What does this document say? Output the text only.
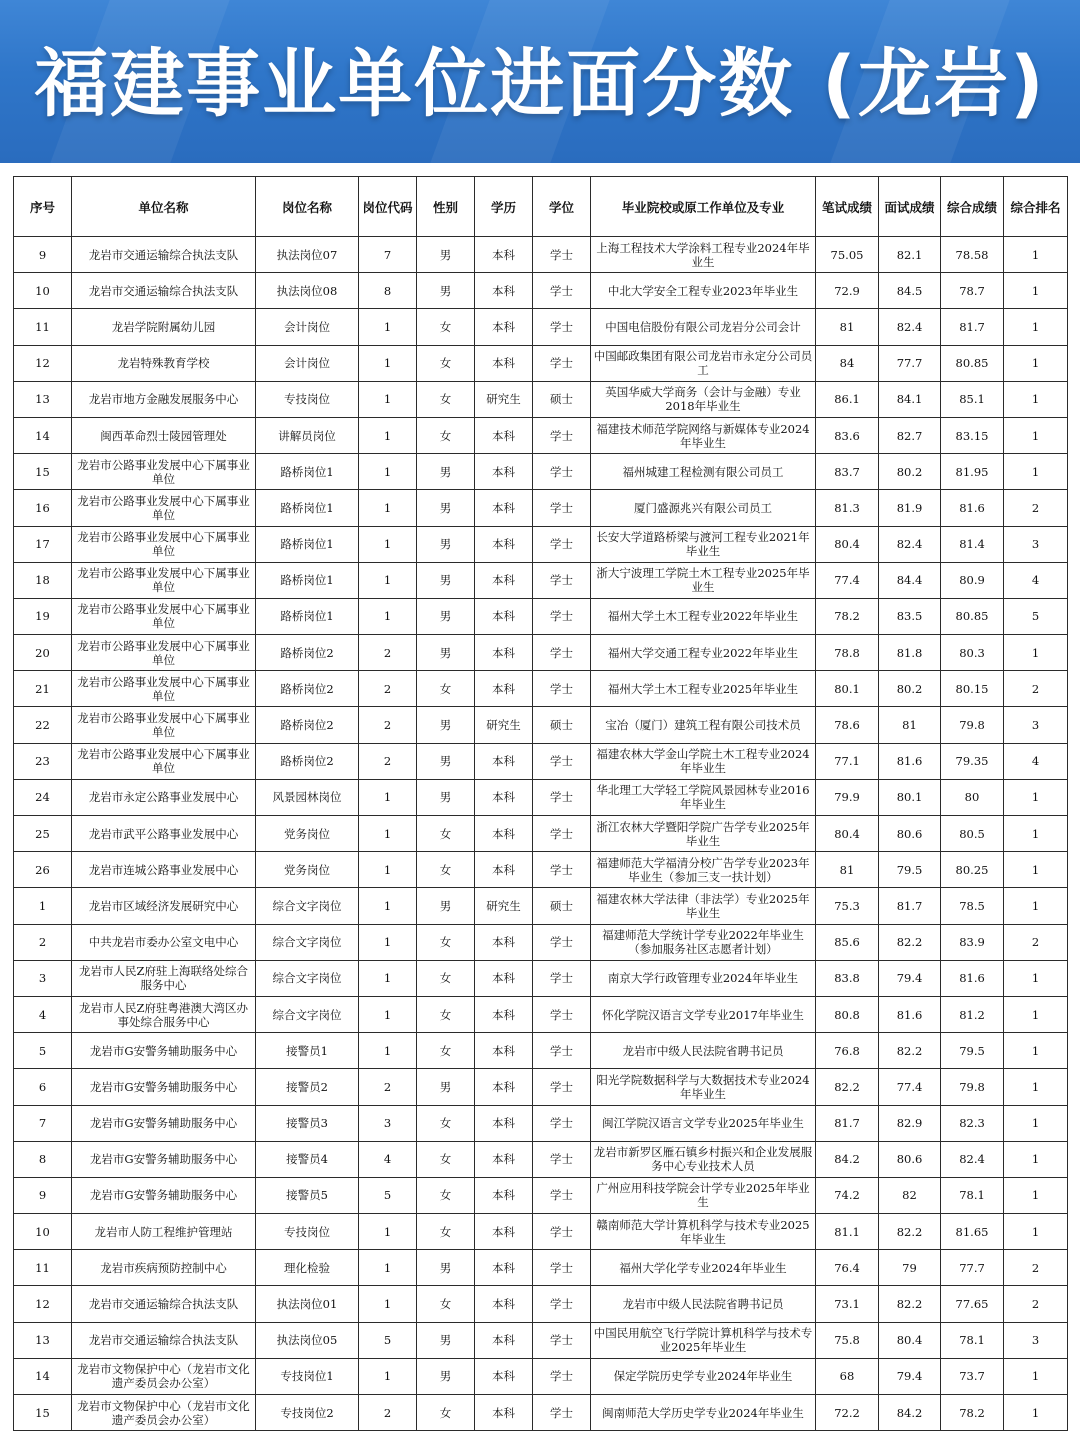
福建事业单位进面分数 (龙岩)
序号	单位名称	岗位名称	岗位代码	性别	学历	学位	毕业院校或原工作单位及专业	笔试成绩	面试成绩	综合成绩	综合排名
9	龙岩市交通运输综合执法支队	执法岗位07	7	男	本科	学士	上海工程技术大学涂料工程专业2024年毕业生	75.05	82.1	78.58	1
10	龙岩市交通运输综合执法支队	执法岗位08	8	男	本科	学士	中北大学安全工程专业2023年毕业生	72.9	84.5	78.7	1
11	龙岩学院附属幼儿园	会计岗位	1	女	本科	学士	中国电信股份有限公司龙岩分公司会计	81	82.4	81.7	1
12	龙岩特殊教育学校	会计岗位	1	女	本科	学士	中国邮政集团有限公司龙岩市永定分公司员工	84	77.7	80.85	1
13	龙岩市地方金融发展服务中心	专技岗位	1	女	研究生	硕士	英国华威大学商务（会计与金融）专业2018年毕业生	86.1	84.1	85.1	1
14	闽西革命烈士陵园管理处	讲解员岗位	1	女	本科	学士	福建技术师范学院网络与新媒体专业2024年毕业生	83.6	82.7	83.15	1
15	龙岩市公路事业发展中心下属事业单位	路桥岗位1	1	男	本科	学士	福州城建工程检测有限公司员工	83.7	80.2	81.95	1
16	龙岩市公路事业发展中心下属事业单位	路桥岗位1	1	男	本科	学士	厦门盛源兆兴有限公司员工	81.3	81.9	81.6	2
17	龙岩市公路事业发展中心下属事业单位	路桥岗位1	1	男	本科	学士	长安大学道路桥梁与渡河工程专业2021年毕业生	80.4	82.4	81.4	3
18	龙岩市公路事业发展中心下属事业单位	路桥岗位1	1	男	本科	学士	浙大宁波理工学院土木工程专业2025年毕业生	77.4	84.4	80.9	4
19	龙岩市公路事业发展中心下属事业单位	路桥岗位1	1	男	本科	学士	福州大学土木工程专业2022年毕业生	78.2	83.5	80.85	5
20	龙岩市公路事业发展中心下属事业单位	路桥岗位2	2	男	本科	学士	福州大学交通工程专业2022年毕业生	78.8	81.8	80.3	1
21	龙岩市公路事业发展中心下属事业单位	路桥岗位2	2	女	本科	学士	福州大学土木工程专业2025年毕业生	80.1	80.2	80.15	2
22	龙岩市公路事业发展中心下属事业单位	路桥岗位2	2	男	研究生	硕士	宝冶（厦门）建筑工程有限公司技术员	78.6	81	79.8	3
23	龙岩市公路事业发展中心下属事业单位	路桥岗位2	2	男	本科	学士	福建农林大学金山学院土木工程专业2024年毕业生	77.1	81.6	79.35	4
24	龙岩市永定公路事业发展中心	风景园林岗位	1	男	本科	学士	华北理工大学轻工学院风景园林专业2016年毕业生	79.9	80.1	80	1
25	龙岩市武平公路事业发展中心	党务岗位	1	女	本科	学士	浙江农林大学暨阳学院广告学专业2025年毕业生	80.4	80.6	80.5	1
26	龙岩市连城公路事业发展中心	党务岗位	1	女	本科	学士	福建师范大学福清分校广告学专业2023年毕业生（参加三支一扶计划）	81	79.5	80.25	1
1	龙岩市区域经济发展研究中心	综合文字岗位	1	男	研究生	硕士	福建农林大学法律（非法学）专业2025年毕业生	75.3	81.7	78.5	1
2	中共龙岩市委办公室文电中心	综合文字岗位	1	女	本科	学士	福建师范大学统计学专业2022年毕业生（参加服务社区志愿者计划）	85.6	82.2	83.9	2
3	龙岩市人民Z府驻上海联络处综合服务中心	综合文字岗位	1	女	本科	学士	南京大学行政管理专业2024年毕业生	83.8	79.4	81.6	1
4	龙岩市人民Z府驻粤港澳大湾区办事处综合服务中心	综合文字岗位	1	女	本科	学士	怀化学院汉语言文学专业2017年毕业生	80.8	81.6	81.2	1
5	龙岩市G安警务辅助服务中心	接警员1	1	女	本科	学士	龙岩市中级人民法院省聘书记员	76.8	82.2	79.5	1
6	龙岩市G安警务辅助服务中心	接警员2	2	男	本科	学士	阳光学院数据科学与大数据技术专业2024年毕业生	82.2	77.4	79.8	1
7	龙岩市G安警务辅助服务中心	接警员3	3	女	本科	学士	闽江学院汉语言文学专业2025年毕业生	81.7	82.9	82.3	1
8	龙岩市G安警务辅助服务中心	接警员4	4	女	本科	学士	龙岩市新罗区雁石镇乡村振兴和企业发展服务中心专业技术人员	84.2	80.6	82.4	1
9	龙岩市G安警务辅助服务中心	接警员5	5	女	本科	学士	广州应用科技学院会计学专业2025年毕业生	74.2	82	78.1	1
10	龙岩市人防工程维护管理站	专技岗位	1	女	本科	学士	赣南师范大学计算机科学与技术专业2025年毕业生	81.1	82.2	81.65	1
11	龙岩市疾病预防控制中心	理化检验	1	男	本科	学士	福州大学化学专业2024年毕业生	76.4	79	77.7	2
12	龙岩市交通运输综合执法支队	执法岗位01	1	女	本科	学士	龙岩市中级人民法院省聘书记员	73.1	82.2	77.65	2
13	龙岩市交通运输综合执法支队	执法岗位05	5	男	本科	学士	中国民用航空飞行学院计算机科学与技术专业2025年毕业生	75.8	80.4	78.1	3
14	龙岩市文物保护中心（龙岩市文化遗产委员会办公室）	专技岗位1	1	男	本科	学士	保定学院历史学专业2024年毕业生	68	79.4	73.7	1
15	龙岩市文物保护中心（龙岩市文化遗产委员会办公室）	专技岗位2	2	女	本科	学士	闽南师范大学历史学专业2024年毕业生	72.2	84.2	78.2	1
